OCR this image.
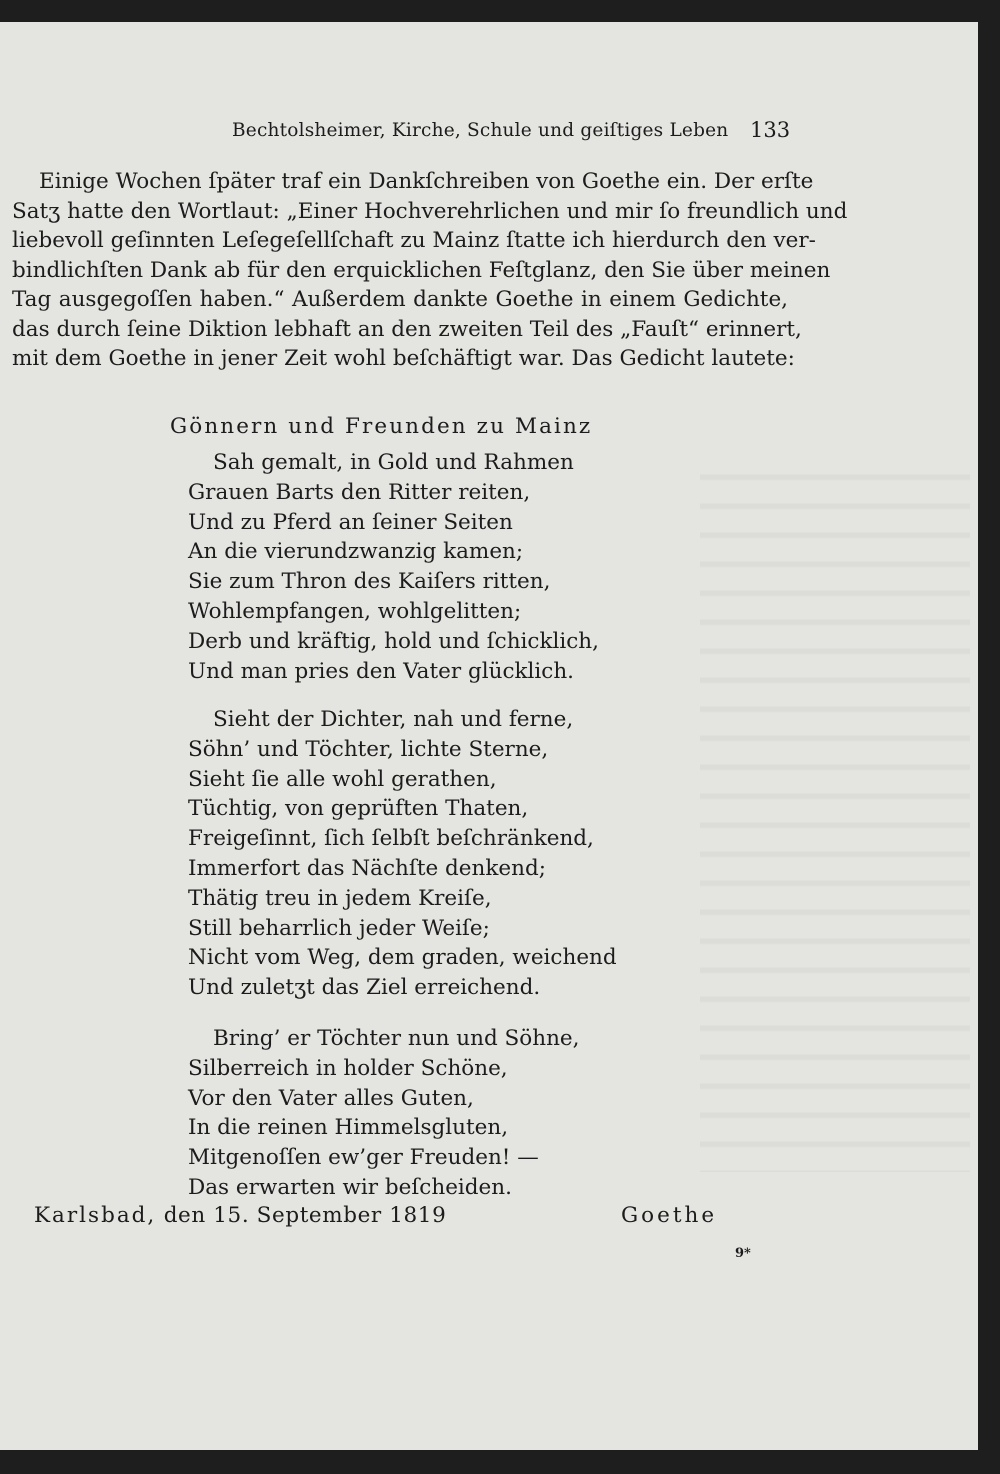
Bechtolsheimer, Kirche, Schule und geiſtiges Leben 133
Einige Wochen ſpäter traf ein Dankſchreiben von Goethe ein. Der erſte
Satʒ hatte den Wortlaut: „Einer Hochverehrlichen und mir ſo freundlich und
liebevoll geſinnten Leſegeſellſchaft zu Mainz ſtatte ich hierdurch den ver-
bindlichſten Dank ab für den erquicklichen Feſtglanz, den Sie über meinen
Tag ausgegoſſen haben.“ Außerdem dankte Goethe in einem Gedichte,
das durch ſeine Diktion lebhaft an den zweiten Teil des „Fauſt“ erinnert,
mit dem Goethe in jener Zeit wohl beſchäftigt war. Das Gedicht lautete:
Gönnern und Freunden zu Mainz
Sah gemalt, in Gold und Rahmen
Grauen Barts den Ritter reiten,
Und zu Pferd an ſeiner Seiten
An die vierundzwanzig kamen;
Sie zum Thron des Kaiſers ritten,
Wohlempfangen, wohlgelitten;
Derb und kräftig, hold und ſchicklich,
Und man pries den Vater glücklich.
Sieht der Dichter, nah und ferne,
Söhn’ und Töchter, lichte Sterne,
Sieht ſie alle wohl gerathen,
Tüchtig, von geprüften Thaten,
Freigeſinnt, ſich ſelbſt beſchränkend,
Immerfort das Nächſte denkend;
Thätig treu in jedem Kreiſe,
Still beharrlich jeder Weiſe;
Nicht vom Weg, dem graden, weichend
Und zuletʒt das Ziel erreichend.
Bring’ er Töchter nun und Söhne,
Silberreich in holder Schöne,
Vor den Vater alles Guten,
In die reinen Himmelsgluten,
Mitgenoſſen ew’ger Freuden! —
Das erwarten wir beſcheiden.
Karlsbad, den 15. September 1819	Goethe
9*
